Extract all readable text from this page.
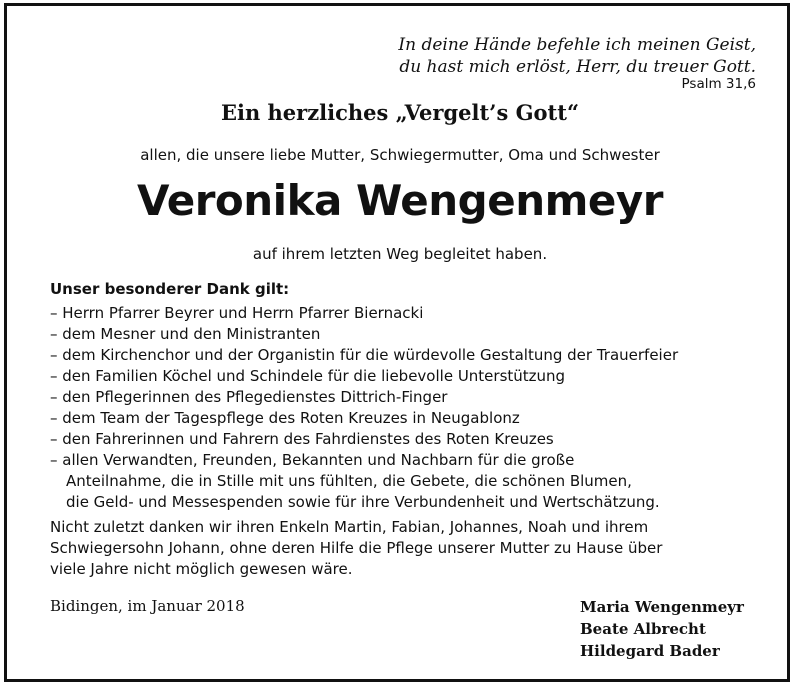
In deine Hände befehle ich meinen Geist,
du hast mich erlöst, Herr, du treuer Gott.
Psalm 31,6
Ein herzliches „Vergelt’s Gott“
allen, die unsere liebe Mutter, Schwiegermutter, Oma und Schwester
Veronika Wengenmeyr
auf ihrem letzten Weg begleitet haben.
Unser besonderer Dank gilt:
– Herrn Pfarrer Beyrer und Herrn Pfarrer Biernacki
– dem Mesner und den Ministranten
– dem Kirchenchor und der Organistin für die würdevolle Gestaltung der Trauerfeier
– den Familien Köchel und Schindele für die liebevolle Unterstützung
– den Pflegerinnen des Pflegedienstes Dittrich-Finger
– dem Team der Tagespflege des Roten Kreuzes in Neugablonz
– den Fahrerinnen und Fahrern des Fahrdienstes des Roten Kreuzes
– allen Verwandten, Freunden, Bekannten und Nachbarn für die große
Anteilnahme, die in Stille mit uns fühlten, die Gebete, die schönen Blumen,
die Geld- und Messespenden sowie für ihre Verbundenheit und Wertschätzung.
Nicht zuletzt danken wir ihren Enkeln Martin, Fabian, Johannes, Noah und ihrem
Schwiegersohn Johann, ohne deren Hilfe die Pflege unserer Mutter zu Hause über
viele Jahre nicht möglich gewesen wäre.
Bidingen, im Januar 2018	Maria Wengenmeyr
Beate Albrecht
Hildegard Bader
